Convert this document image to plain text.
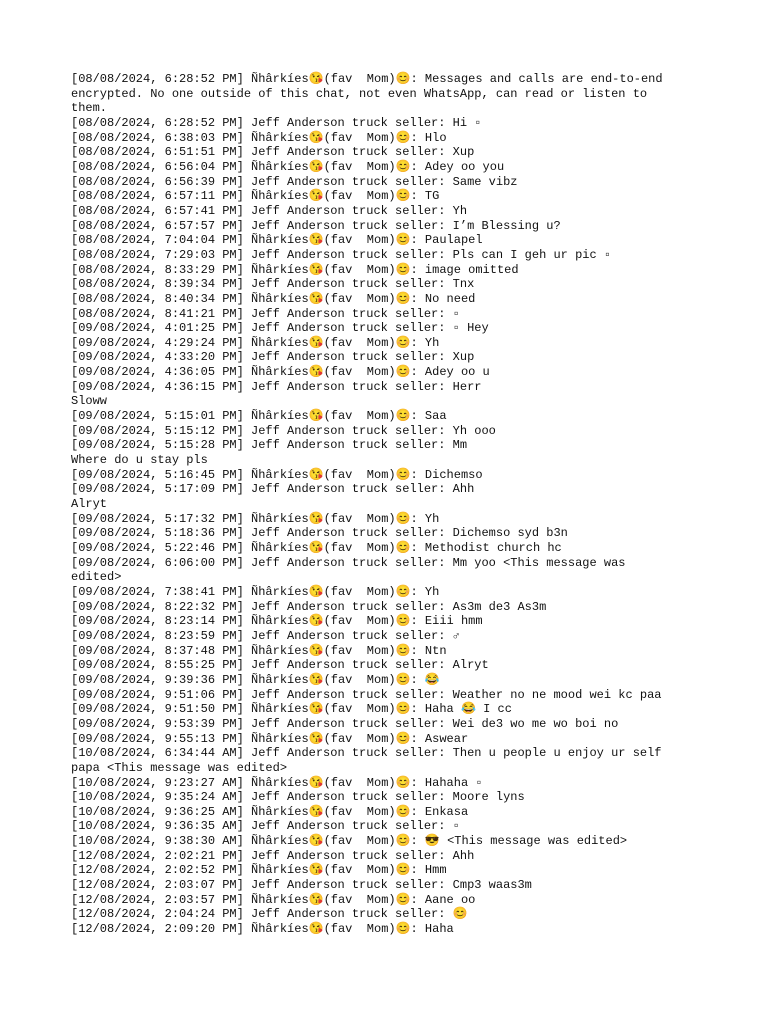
[08/08/2024, 6:28:52 PM] Ñhârkíes😘(fav  Mom)😊: Messages and calls are end-to-end

encrypted. No one outside of this chat, not even WhatsApp, can read or listen to

them.

[08/08/2024, 6:28:52 PM] Jeff Anderson truck seller: Hi ▫

[08/08/2024, 6:38:03 PM] Ñhârkíes😘(fav  Mom)😊: Hlo

[08/08/2024, 6:51:51 PM] Jeff Anderson truck seller: Xup

[08/08/2024, 6:56:04 PM] Ñhârkíes😘(fav  Mom)😊: Adey oo you

[08/08/2024, 6:56:39 PM] Jeff Anderson truck seller: Same vibz

[08/08/2024, 6:57:11 PM] Ñhârkíes😘(fav  Mom)😊: TG

[08/08/2024, 6:57:41 PM] Jeff Anderson truck seller: Yh

[08/08/2024, 6:57:57 PM] Jeff Anderson truck seller: I’m Blessing u?

[08/08/2024, 7:04:04 PM] Ñhârkíes😘(fav  Mom)😊: Paulapel

[08/08/2024, 7:29:03 PM] Jeff Anderson truck seller: Pls can I geh ur pic ▫

[08/08/2024, 8:33:29 PM] Ñhârkíes😘(fav  Mom)😊: image omitted

[08/08/2024, 8:39:34 PM] Jeff Anderson truck seller: Tnx

[08/08/2024, 8:40:34 PM] Ñhârkíes😘(fav  Mom)😊: No need

[08/08/2024, 8:41:21 PM] Jeff Anderson truck seller: ▫

[09/08/2024, 4:01:25 PM] Jeff Anderson truck seller: ▫ Hey

[09/08/2024, 4:29:24 PM] Ñhârkíes😘(fav  Mom)😊: Yh

[09/08/2024, 4:33:20 PM] Jeff Anderson truck seller: Xup

[09/08/2024, 4:36:05 PM] Ñhârkíes😘(fav  Mom)😊: Adey oo u

[09/08/2024, 4:36:15 PM] Jeff Anderson truck seller: Herr

Sloww

[09/08/2024, 5:15:01 PM] Ñhârkíes😘(fav  Mom)😊: Saa

[09/08/2024, 5:15:12 PM] Jeff Anderson truck seller: Yh ooo

[09/08/2024, 5:15:28 PM] Jeff Anderson truck seller: Mm

Where do u stay pls

[09/08/2024, 5:16:45 PM] Ñhârkíes😘(fav  Mom)😊: Dichemso

[09/08/2024, 5:17:09 PM] Jeff Anderson truck seller: Ahh

Alryt

[09/08/2024, 5:17:32 PM] Ñhârkíes😘(fav  Mom)😊: Yh

[09/08/2024, 5:18:36 PM] Jeff Anderson truck seller: Dichemso syd b3n

[09/08/2024, 5:22:46 PM] Ñhârkíes😘(fav  Mom)😊: Methodist church hc

[09/08/2024, 6:06:00 PM] Jeff Anderson truck seller: Mm yoo <This message was

edited>

[09/08/2024, 7:38:41 PM] Ñhârkíes😘(fav  Mom)😊: Yh

[09/08/2024, 8:22:32 PM] Jeff Anderson truck seller: As3m de3 As3m

[09/08/2024, 8:23:14 PM] Ñhârkíes😘(fav  Mom)😊: Eiii hmm

[09/08/2024, 8:23:59 PM] Jeff Anderson truck seller: ♂

[09/08/2024, 8:37:48 PM] Ñhârkíes😘(fav  Mom)😊: Ntn

[09/08/2024, 8:55:25 PM] Jeff Anderson truck seller: Alryt

[09/08/2024, 9:39:36 PM] Ñhârkíes😘(fav  Mom)😊: 😂

[09/08/2024, 9:51:06 PM] Jeff Anderson truck seller: Weather no ne mood wei kc paa

[09/08/2024, 9:51:50 PM] Ñhârkíes😘(fav  Mom)😊: Haha 😂 I cc

[09/08/2024, 9:53:39 PM] Jeff Anderson truck seller: Wei de3 wo me wo boi no

[09/08/2024, 9:55:13 PM] Ñhârkíes😘(fav  Mom)😊: Aswear

[10/08/2024, 6:34:44 AM] Jeff Anderson truck seller: Then u people u enjoy ur self

papa <This message was edited>

[10/08/2024, 9:23:27 AM] Ñhârkíes😘(fav  Mom)😊: Hahaha ▫

[10/08/2024, 9:35:24 AM] Jeff Anderson truck seller: Moore lyns

[10/08/2024, 9:36:25 AM] Ñhârkíes😘(fav  Mom)😊: Enkasa

[10/08/2024, 9:36:35 AM] Jeff Anderson truck seller: ▫

[10/08/2024, 9:38:30 AM] Ñhârkíes😘(fav  Mom)😊: 😎 <This message was edited>

[12/08/2024, 2:02:21 PM] Jeff Anderson truck seller: Ahh

[12/08/2024, 2:02:52 PM] Ñhârkíes😘(fav  Mom)😊: Hmm

[12/08/2024, 2:03:07 PM] Jeff Anderson truck seller: Cmp3 waas3m

[12/08/2024, 2:03:57 PM] Ñhârkíes😘(fav  Mom)😊: Aane oo

[12/08/2024, 2:04:24 PM] Jeff Anderson truck seller: 😊

[12/08/2024, 2:09:20 PM] Ñhârkíes😘(fav  Mom)😊: Haha
